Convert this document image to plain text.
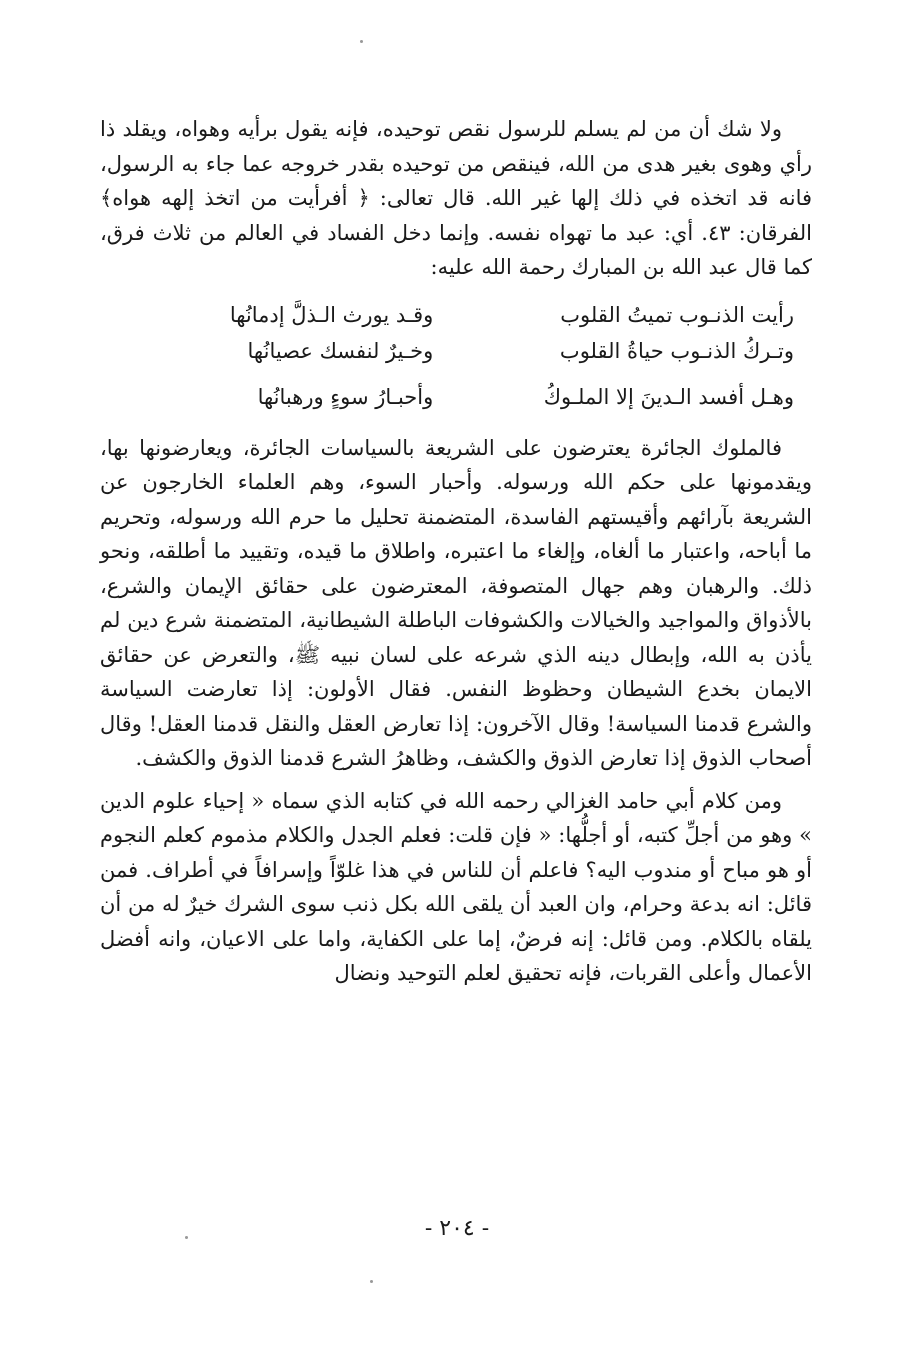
ولا شك أن من لم يسلم للرسول نقص توحيده، فإنه يقول برأيه وهواه، ويقلد ذا رأي وهوى بغير هدى من الله، فينقص من توحيده بقدر خروجه عما جاء به الرسول، فانه قد اتخذه في ذلك إلها غير الله. قال تعالى: ﴿ أفرأيت من اتخذ إلهه هواه﴾ الفرقان: ٤٣. أي: عبد ما تهواه نفسه. وإنما دخل الفساد في العالم من ثلاث فرق، كما قال عبد الله بن المبارك رحمة الله عليه:

رأيت الذنـوب تميتُ القلوب
وقـد يورث الـذلَّ إدمانُها
وتـركُ الذنـوب حياةُ القلوب
وخـيرٌ لنفسك عصيانُها
وهـل أفسد الـدينَ إلا الملـوكُ
وأحبـارُ سوءٍ ورهبانُها

فالملوك الجائرة يعترضون على الشريعة بالسياسات الجائرة، ويعارضونها بها، ويقدمونها على حكم الله ورسوله. وأحبار السوء، وهم العلماء الخارجون عن الشريعة بآرائهم وأقيستهم الفاسدة، المتضمنة تحليل ما حرم الله ورسوله، وتحريم ما أباحه، واعتبار ما ألغاه، وإلغاء ما اعتبره، واطلاق ما قيده، وتقييد ما أطلقه، ونحو ذلك. والرهبان وهم جهال المتصوفة، المعترضون على حقائق الإيمان والشرع، بالأذواق والمواجيد والخيالات والكشوفات الباطلة الشيطانية، المتضمنة شرع دين لم يأذن به الله، وإبطال دينه الذي شرعه على لسان نبيه ﷺ، والتعرض عن حقائق الايمان بخدع الشيطان وحظوظ النفس. فقال الأولون: إذا تعارضت السياسة والشرع قدمنا السياسة! وقال الآخرون: إذا تعارض العقل والنقل قدمنا العقل! وقال أصحاب الذوق إذا تعارض الذوق والكشف، وظاهرُ الشرع قدمنا الذوق والكشف.

ومن كلام أبي حامد الغزالي رحمه الله في كتابه الذي سماه « إحياء علوم الدين » وهو من أجلِّ كتبه، أو أجلُّها: « فإن قلت: فعلم الجدل والكلام مذموم كعلم النجوم أو هو مباح أو مندوب اليه؟ فاعلم أن للناس في هذا غلوّاً وإسرافاً في أطراف. فمن قائل: انه بدعة وحرام، وان العبد أن يلقى الله بكل ذنب سوى الشرك خيرٌ له من أن يلقاه بالكلام. ومن قائل: إنه فرضٌ، إما على الكفاية، واما على الاعيان، وانه أفضل الأعمال وأعلى القربات، فإنه تحقيق لعلم التوحيد ونضال

- ٢٠٤ -
